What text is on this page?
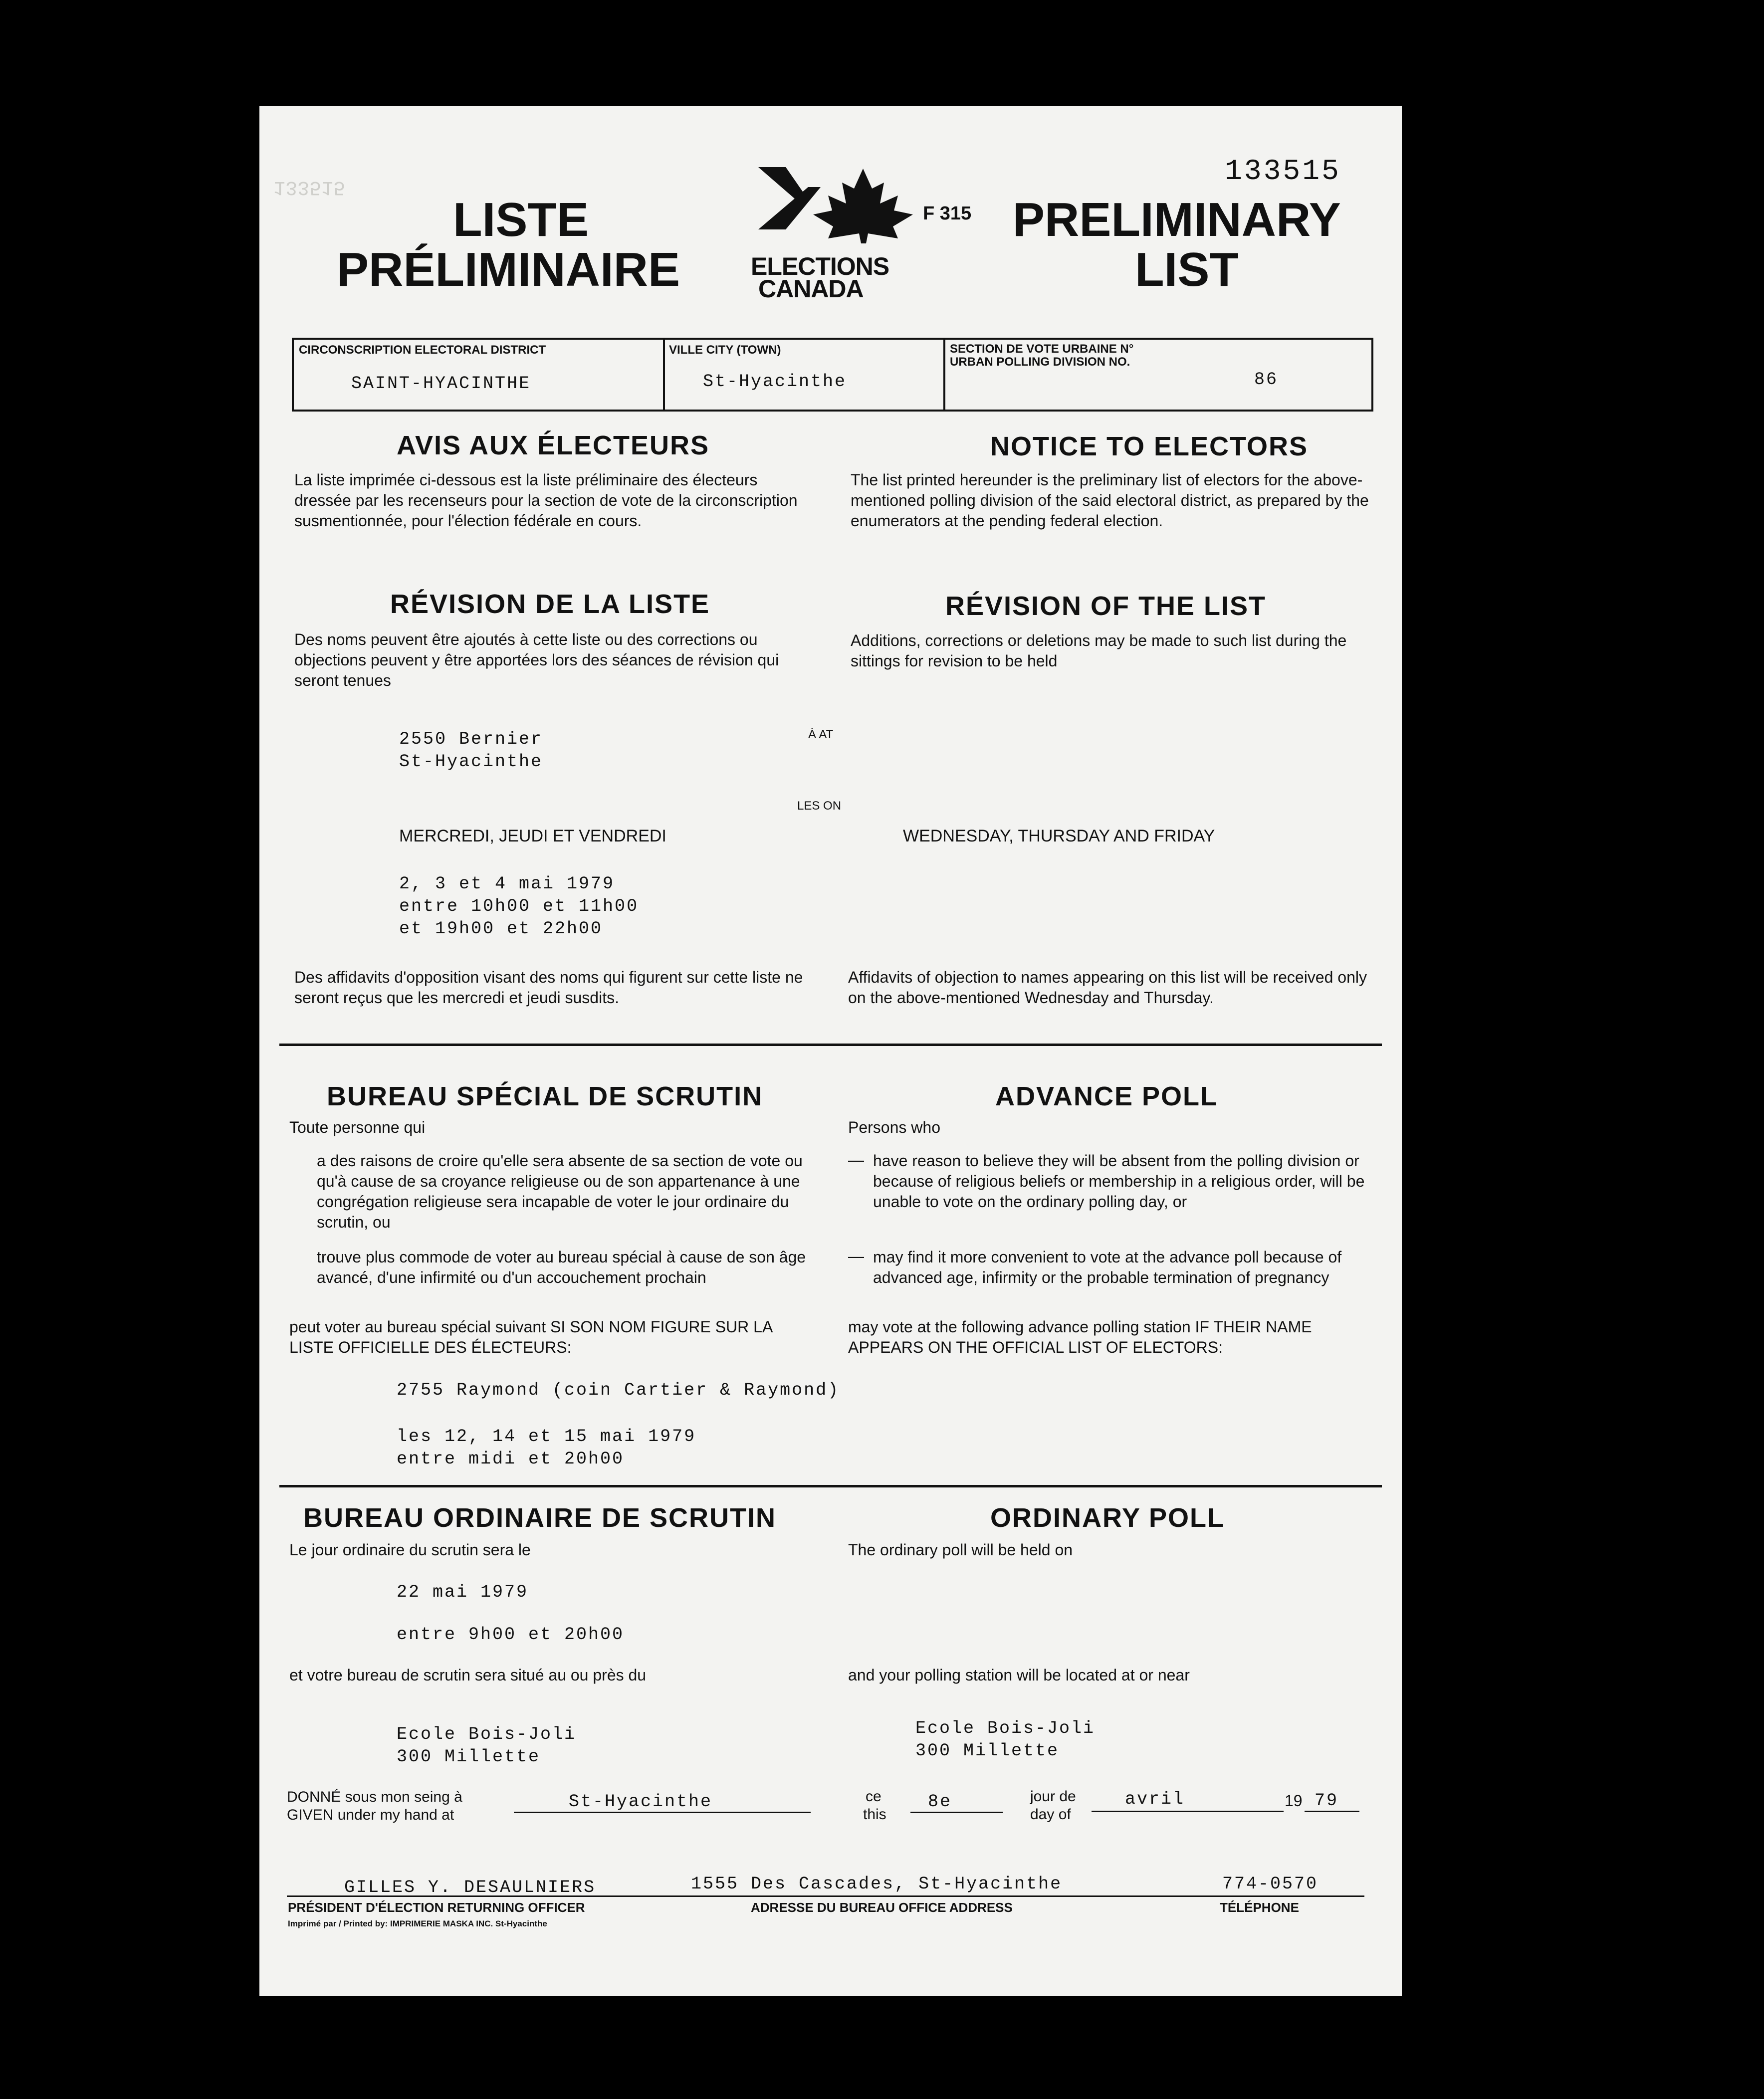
133515	133515
LISTE
PRÉLIMINAIRE	ELECTIONS
CANADA
F 315 PRELIMINARY
LIST
CIRCONSCRIPTION ELECTORAL DISTRICT
SAINT-HYACINTHE
VILLE CITY (TOWN)
St-Hyacinthe
SECTION DE VOTE URBAINE N°
URBAN POLLING DIVISION NO.
86
AVIS AUX ÉLECTEURS
La liste imprimée ci-dessous est la liste préliminaire des électeurs dressée par les recenseurs pour la section de vote de la circonscription susmentionnée, pour l'élection fédérale en cours.
NOTICE TO ELECTORS
The list printed hereunder is the preliminary list of electors for the above-mentioned polling division of the said electoral district, as prepared by the enumerators at the pending federal election.
RÉVISION DE LA LISTE
Des noms peuvent être ajoutés à cette liste ou des corrections ou objections peuvent y être apportées lors des séances de révision qui seront tenues
RÉVISION OF THE LIST
Additions, corrections or deletions may be made to such list during the sittings for revision to be held
2550 Bernier
St-Hyacinthe
À AT
LES ON
MERCREDI, JEUDI ET VENDREDI	WEDNESDAY, THURSDAY AND FRIDAY
2, 3 et 4 mai 1979
entre 10h00 et 11h00
et 19h00 et 22h00
Des affidavits d'opposition visant des noms qui figurent sur cette liste ne seront reçus que les mercredi et jeudi susdits.
Affidavits of objection to names appearing on this list will be received only on the above-mentioned Wednesday and Thursday.
BUREAU SPÉCIAL DE SCRUTIN
Toute personne qui
a des raisons de croire qu'elle sera absente de sa section de vote ou qu'à cause de sa croyance religieuse ou de son appartenance à une congrégation religieuse sera incapable de voter le jour ordinaire du scrutin, ou
trouve plus commode de voter au bureau spécial à cause de son âge avancé, d'une infirmité ou d'un accouchement prochain
peut voter au bureau spécial suivant SI SON NOM FIGURE SUR LA LISTE OFFICIELLE DES ÉLECTEURS:
ADVANCE POLL
Persons who
— have reason to believe they will be absent from the polling division or because of religious beliefs or membership in a religious order, will be unable to vote on the ordinary polling day, or
— may find it more convenient to vote at the advance poll because of advanced age, infirmity or the probable termination of pregnancy
may vote at the following advance polling station IF THEIR NAME APPEARS ON THE OFFICIAL LIST OF ELECTORS:
2755 Raymond (coin Cartier & Raymond)
les 12, 14 et 15 mai 1979
entre midi et 20h00
BUREAU ORDINAIRE DE SCRUTIN
Le jour ordinaire du scrutin sera le
ORDINARY POLL
The ordinary poll will be held on
22 mai 1979
entre 9h00 et 20h00
et votre bureau de scrutin sera situé au ou près du	and your polling station will be located at or near
Ecole Bois-Joli
300 Millette
Ecole Bois-Joli
300 Millette
DONNÉ sous mon seing à
GIVEN under my hand at
St-Hyacinthe	ce
this
8e	jour de
day of
avril	19 79
GILLES Y. DESAULNIERS
PRÉSIDENT D'ÉLECTION RETURNING OFFICER
1555 Des Cascades, St-Hyacinthe
ADRESSE DU BUREAU OFFICE ADDRESS
774-0570
TÉLÉPHONE
Imprimé par / Printed by: IMPRIMERIE MASKA INC. St-Hyacinthe
